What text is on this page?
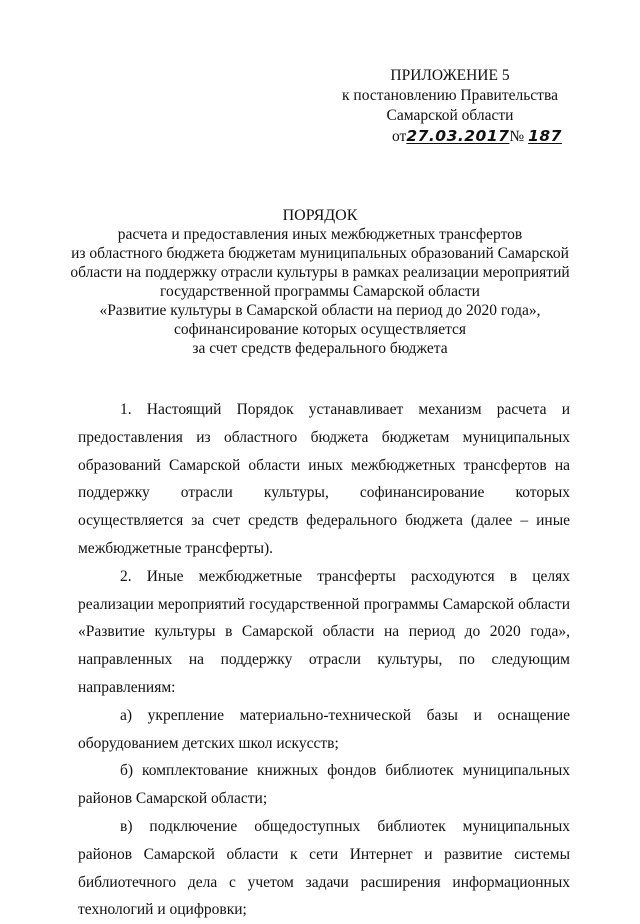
ПРИЛОЖЕНИЕ 5
к постановлению Правительства
Самарской области
от27.03.2017№ 187
ПОРЯДОК
расчета и предоставления иных межбюджетных трансфертов
из областного бюджета бюджетам муниципальных образований Самарской
области на поддержку отрасли культуры в рамках реализации мероприятий
государственной программы Самарской области
«Развитие культуры в Самарской области на период до 2020 года»,
софинансирование которых осуществляется
за счет средств федерального бюджета

1. Настоящий Порядок устанавливает механизм расчета и предоставления из областного бюджета бюджетам муниципальных образований Самарской области иных межбюджетных трансфертов на поддержку отрасли культуры, софинансирование которых осуществляется за счет средств федерального бюджета (далее – иные межбюджетные трансферты).

2. Иные межбюджетные трансферты расходуются в целях реализации мероприятий государственной программы Самарской области «Развитие культуры в Самарской области на период до 2020 года», направленных на поддержку отрасли культуры, по следующим направлениям:

а) укрепление материально-технической базы и оснащение оборудованием детских школ искусств;

б) комплектование книжных фондов библиотек муниципальных районов Самарской области;

в) подключение общедоступных библиотек муниципальных районов Самарской области к сети Интернет и развитие системы библиотечного дела с учетом задачи расширения информационных технологий и оцифровки;
